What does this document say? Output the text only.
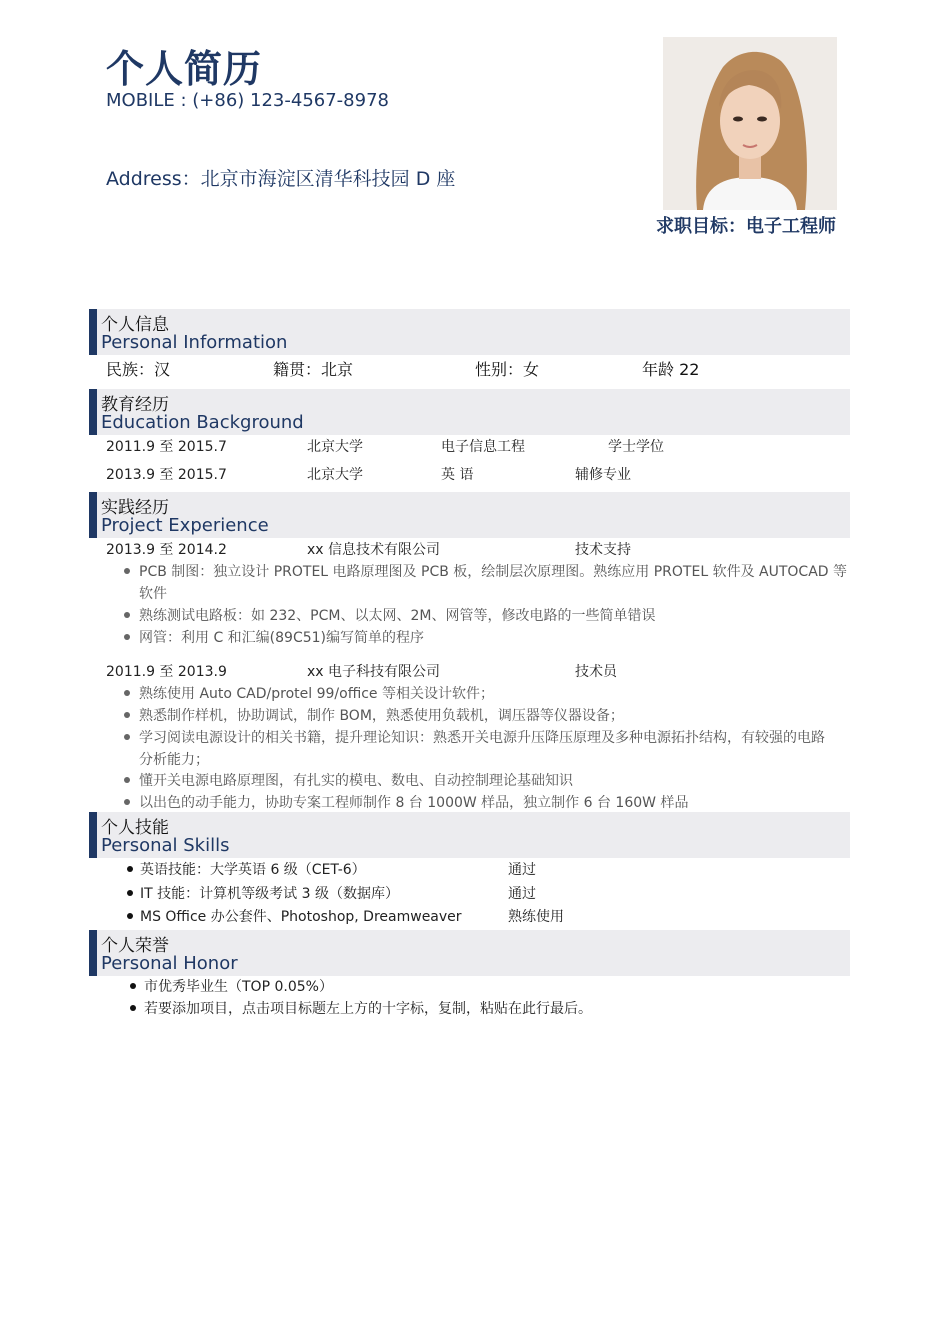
个人简历
MOBILE : (+86) 123-4567-8978
Address：北京市海淀区清华科技园 D 座
求职目标：电子工程师
个人信息
Personal Information
民族：汉	籍贯：北京	性别：女	年龄 22
教育经历
Education Background
2011.9 至 2015.7	北京大学	电子信息工程	学士学位
2013.9 至 2015.7	北京大学	英 语	辅修专业
实践经历
Project Experience
2013.9 至 2014.2	xx 信息技术有限公司	技术支持
PCB 制图：独立设计 PROTEL 电路原理图及 PCB 板，绘制层次原理图。熟练应用 PROTEL 软件及 AUTOCAD 等
软件
熟练测试电路板：如 232、PCM、以太网、2M、网管等，修改电路的一些简单错误
网管：利用 C 和汇编(89C51)编写简单的程序
2011.9 至 2013.9	xx 电子科技有限公司	技术员
熟练使用 Auto CAD/protel 99/office 等相关设计软件；
熟悉制作样机，协助调试，制作 BOM，熟悉使用负载机，调压器等仪器设备；
学习阅读电源设计的相关书籍，提升理论知识：熟悉开关电源升压降压原理及多种电源拓扑结构，有较强的电路
分析能力；
懂开关电源电路原理图，有扎实的模电、数电、自动控制理论基础知识
以出色的动手能力，协助专案工程师制作 8 台 1000W 样品，独立制作 6 台 160W 样品
个人技能
Personal Skills
英语技能：大学英语 6 级（CET-6）	通过
IT 技能：计算机等级考试 3 级（数据库）	通过
MS Office 办公套件、Photoshop, Dreamweaver	熟练使用
个人荣誉
Personal Honor
市优秀毕业生（TOP 0.05%）
若要添加项目，点击项目标题左上方的十字标，复制，粘贴在此行最后。
